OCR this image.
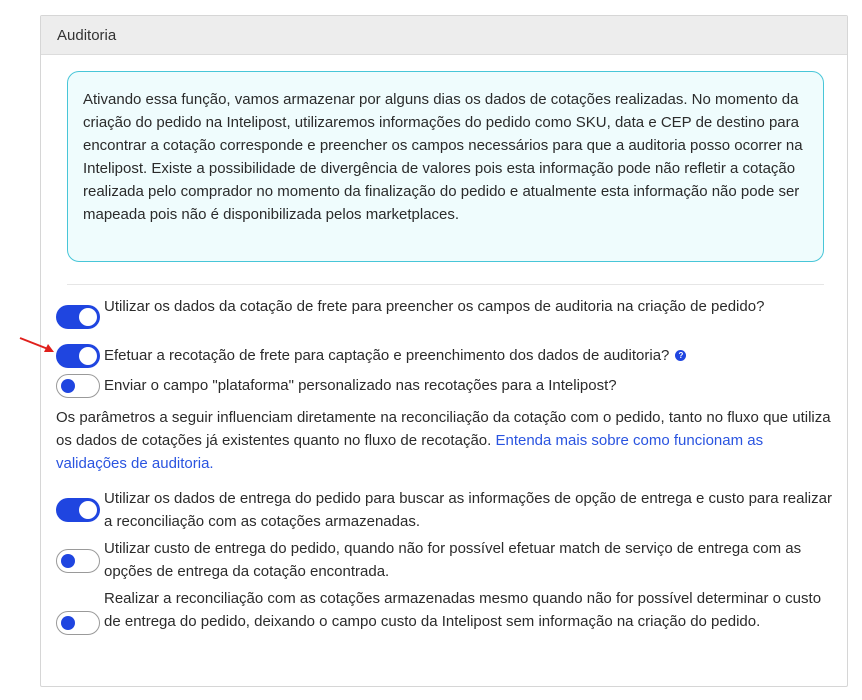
Auditoria
Ativando essa função, vamos armazenar por alguns dias os dados de cotações realizadas. No momento da criação do pedido na Intelipost, utilizaremos informações do pedido como SKU, data e CEP de destino para encontrar a cotação corresponde e preencher os campos necessários para que a auditoria posso ocorrer na Intelipost. Existe a possibilidade de divergência de valores pois esta informação pode não refletir a cotação realizada pelo comprador no momento da finalização do pedido e atualmente esta informação não pode ser mapeada pois não é disponibilizada pelos marketplaces.
Utilizar os dados da cotação de frete para preencher os campos de auditoria na criação de pedido?
Efetuar a recotação de frete para captação e preenchimento dos dados de auditoria? ?
Enviar o campo "plataforma" personalizado nas recotações para a Intelipost?
Os parâmetros a seguir influenciam diretamente na reconciliação da cotação com o pedido, tanto no fluxo que utiliza os dados de cotações já existentes quanto no fluxo de recotação. Entenda mais sobre como funcionam as validações de auditoria.
Utilizar os dados de entrega do pedido para buscar as informações de opção de entrega e custo para realizar a reconciliação com as cotações armazenadas.
Utilizar custo de entrega do pedido, quando não for possível efetuar match de serviço de entrega com as opções de entrega da cotação encontrada.
Realizar a reconciliação com as cotações armazenadas mesmo quando não for possível determinar o custo de entrega do pedido, deixando o campo custo da Intelipost sem informação na criação do pedido.
